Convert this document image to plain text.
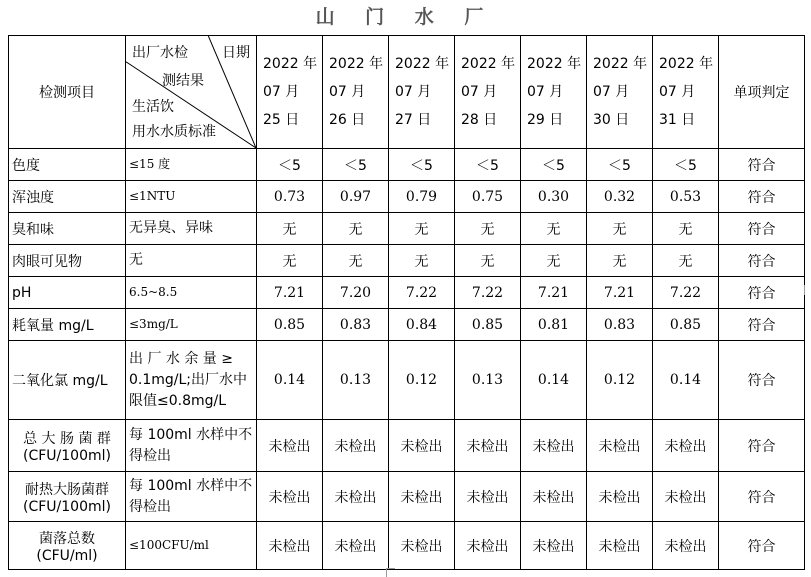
山 门 水 厂
检测项目	出厂水检 日期
测结果
生活饮
用水水质标准	2022 年
07 月
25 日	2022 年
07 月
26 日	2022 年
07 月
27 日	2022 年
07 月
28 日	2022 年
07 月
29 日	2022 年
07 月
30 日	2022 年
07 月
31 日	单项判定
色度	≤15 度	＜5	＜5	＜5	＜5	＜5	＜5	＜5	符合
浑浊度	≤1NTU	0.73	0.97	0.79	0.75	0.30	0.32	0.53	符合
臭和味	无异臭、异味	无	无	无	无	无	无	无	符合
肉眼可见物	无	无	无	无	无	无	无	无	符合
pH	6.5~8.5	7.21	7.20	7.22	7.22	7.21	7.21	7.22	符合
耗氧量 mg/L	≤3mg/L	0.85	0.83	0.84	0.85	0.81	0.83	0.85	符合
二氧化氯 mg/L	出 厂 水 余 量 ≥
0.1mg/L;出厂水中
限值≤0.8mg/L	0.14	0.13	0.12	0.13	0.14	0.12	0.14	符合
总 大 肠 菌 群
(CFU/100ml)	每 100ml 水样中不
得检出	未检出	未检出	未检出	未检出	未检出	未检出	未检出	符合
耐热大肠菌群
(CFU/100ml)	每 100ml 水样中不
得检出	未检出	未检出	未检出	未检出	未检出	未检出	未检出	符合
菌落总数
(CFU/ml)	≤100CFU/ml	未检出	未检出	未检出	未检出	未检出	未检出	未检出	符合
